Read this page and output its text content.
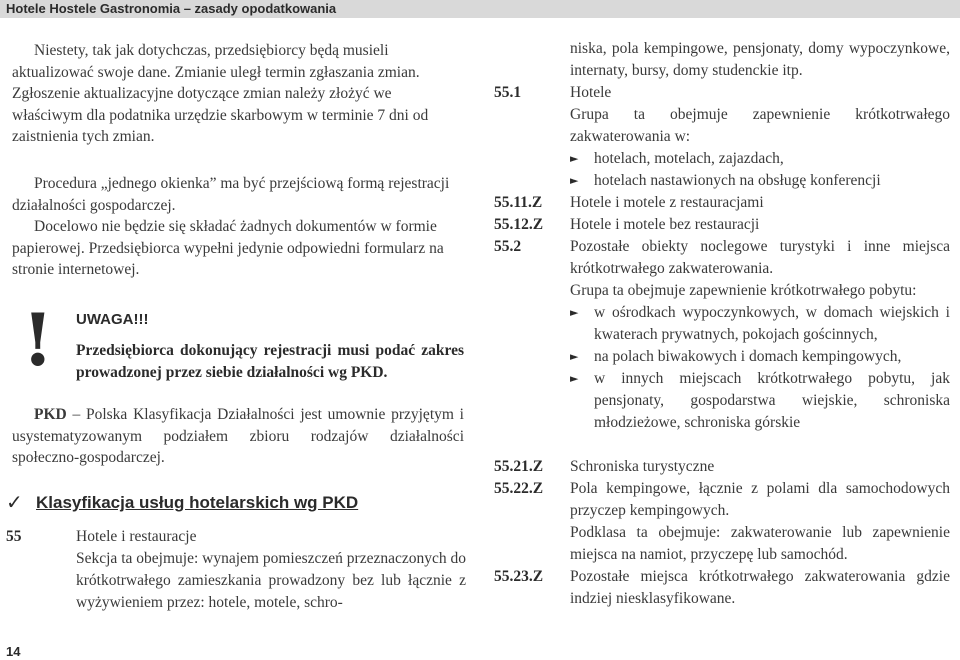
Hotele Hostele Gastronomia – zasady opodatkowania

Niestety, tak jak dotychczas, przedsiębiorcy będą musieli aktualizować swoje dane. Zmianie uległ termin zgłaszania zmian. Zgłoszenie aktualizacyjne dotyczące zmian należy złożyć we właściwym dla podatnika urzędzie skarbowym w terminie 7 dni od zaistnienia tych zmian.

Procedura „jednego okienka” ma być przejściową formą rejestracji działalności gospodarczej.

Docelowo nie będzie się składać żadnych dokumentów w formie papierowej. Przedsiębiorca wypełni jedynie odpowiedni formularz na stronie internetowej.

! UWAGA!!!

Przedsiębiorca dokonujący rejestracji musi podać zakres prowadzonej przez siebie działalności wg PKD.

PKD – Polska Klasyfikacja Działalności jest umownie przyjętym i usystematyzowanym podziałem zbioru rodzajów działalności społeczno-gospodarczej.

✓ Klasyfikacja usług hotelarskich wg PKD
55	Hotele i restauracje

Sekcja ta obejmuje: wynajem pomieszczeń przeznaczonych do krótkotrwałego zamieszkania prowadzony bez lub łącznie z wyżywieniem przez: hotele, motele, schro-

14

niska, pola kempingowe, pensjonaty, domy wypoczynkowe, internaty, bursy, domy studenckie itp.

55.1	Hotele

Grupa ta obejmuje zapewnienie krótkotrwałego zakwaterowania w:

► hotelach, motelach, zajazdach,
► hotelach nastawionych na obsługę konferencji
55.11.Z Hotele i motele z restauracjami
55.12.Z Hotele i motele bez restauracji
55.2	Pozostałe obiekty noclegowe turystyki i inne miejsca krótkotrwałego zakwaterowania.

Grupa ta obejmuje zapewnienie krótkotrwałego pobytu:

► w ośrodkach wypoczynkowych, w domach wiejskich i kwaterach prywatnych, pokojach gościnnych,
► na polach biwakowych i domach kempingowych,
► w innych miejscach krótkotrwałego pobytu, jak pensjonaty, gospodarstwa wiejskie, schroniska młodzieżowe, schroniska górskie
55.21.Z Schroniska turystyczne
55.22.Z Pola kempingowe, łącznie z polami dla samochodowych przyczep kempingowych.

Podklasa ta obejmuje: zakwaterowanie lub zapewnienie miejsca na namiot, przyczepę lub samochód.

55.23.Z Pozostałe miejsca krótkotrwałego zakwaterowania gdzie indziej niesklasyfikowane.
